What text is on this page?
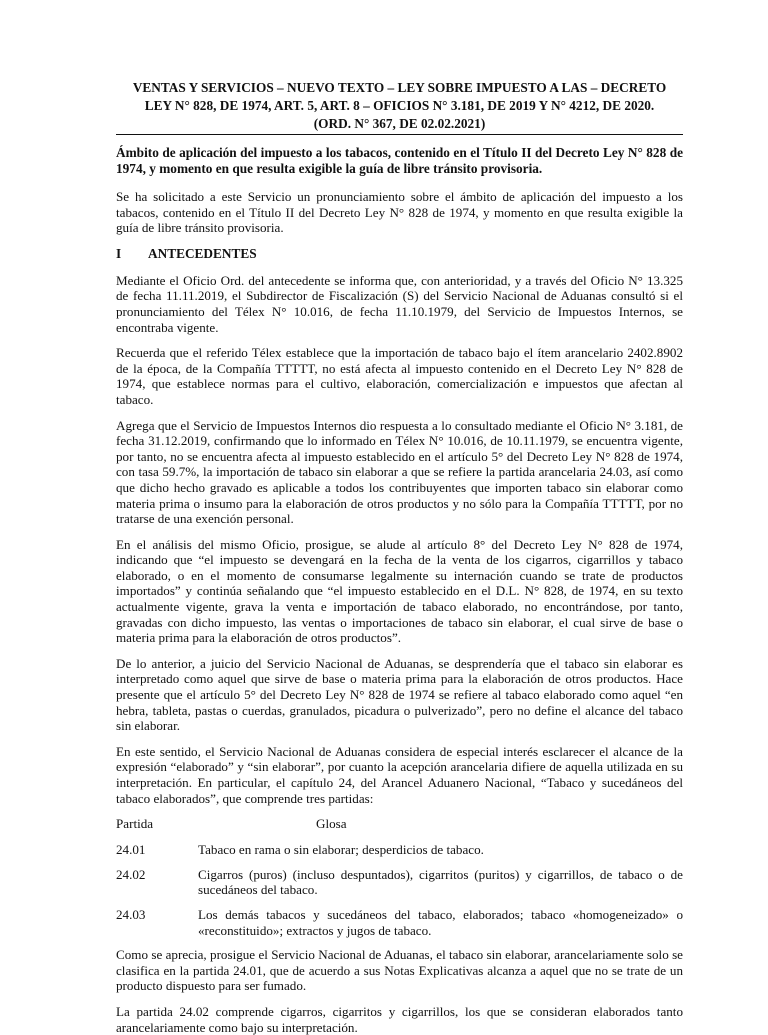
VENTAS Y SERVICIOS – NUEVO TEXTO – LEY SOBRE IMPUESTO A LAS – DECRETO
LEY N° 828, DE 1974, ART. 5, ART. 8 – OFICIOS N° 3.181, DE 2019 Y N° 4212, DE 2020.
(ORD. N° 367, DE 02.02.2021)

Ámbito de aplicación del impuesto a los tabacos, contenido en el Título II del Decreto Ley N° 828 de 1974, y momento en que resulta exigible la guía de libre tránsito provisoria.

Se ha solicitado a este Servicio un pronunciamiento sobre el ámbito de aplicación del impuesto a los tabacos, contenido en el Título II del Decreto Ley N° 828 de 1974, y momento en que resulta exigible la guía de libre tránsito provisoria.

I	ANTECEDENTES

Mediante el Oficio Ord. del antecedente se informa que, con anterioridad, y a través del Oficio N° 13.325 de fecha 11.11.2019, el Subdirector de Fiscalización (S) del Servicio Nacional de Aduanas consultó si el pronunciamiento del Télex N° 10.016, de fecha 11.10.1979, del Servicio de Impuestos Internos, se encontraba vigente.

Recuerda que el referido Télex establece que la importación de tabaco bajo el ítem arancelario 2402.8902 de la época, de la Compañía TTTTT, no está afecta al impuesto contenido en el Decreto Ley N° 828 de 1974, que establece normas para el cultivo, elaboración, comercialización e impuestos que afectan al tabaco.

Agrega que el Servicio de Impuestos Internos dio respuesta a lo consultado mediante el Oficio N° 3.181, de fecha 31.12.2019, confirmando que lo informado en Télex N° 10.016, de 10.11.1979, se encuentra vigente, por tanto, no se encuentra afecta al impuesto establecido en el artículo 5° del Decreto Ley N° 828 de 1974, con tasa 59.7%, la importación de tabaco sin elaborar a que se refiere la partida arancelaria 24.03, así como que dicho hecho gravado es aplicable a todos los contribuyentes que importen tabaco sin elaborar como materia prima o insumo para la elaboración de otros productos y no sólo para la Compañía TTTTT, por no tratarse de una exención personal.

En el análisis del mismo Oficio, prosigue, se alude al artículo 8° del Decreto Ley N° 828 de 1974, indicando que “el impuesto se devengará en la fecha de la venta de los cigarros, cigarrillos y tabaco elaborado, o en el momento de consumarse legalmente su internación cuando se trate de productos importados” y continúa señalando que “el impuesto establecido en el D.L. N° 828, de 1974, en su texto actualmente vigente, grava la venta e importación de tabaco elaborado, no encontrándose, por tanto, gravadas con dicho impuesto, las ventas o importaciones de tabaco sin elaborar, el cual sirve de base o materia prima para la elaboración de otros productos”.

De lo anterior, a juicio del Servicio Nacional de Aduanas, se desprendería que el tabaco sin elaborar es interpretado como aquel que sirve de base o materia prima para la elaboración de otros productos. Hace presente que el artículo 5° del Decreto Ley N° 828 de 1974 se refiere al tabaco elaborado como aquel “en hebra, tableta, pastas o cuerdas, granulados, picadura o pulverizado”, pero no define el alcance del tabaco sin elaborar.

En este sentido, el Servicio Nacional de Aduanas considera de especial interés esclarecer el alcance de la expresión “elaborado” y “sin elaborar”, por cuanto la acepción arancelaria difiere de aquella utilizada en su interpretación. En particular, el capítulo 24, del Arancel Aduanero Nacional, “Tabaco y sucedáneos del tabaco elaborados”, que comprende tres partidas:

Partida	Glosa
24.01	Tabaco en rama o sin elaborar; desperdicios de tabaco.
24.02	Cigarros (puros) (incluso despuntados), cigarritos (puritos) y cigarrillos, de tabaco o de sucedáneos del tabaco.
24.03	Los demás tabacos y sucedáneos del tabaco, elaborados; tabaco «homogeneizado» o «reconstituido»; extractos y jugos de tabaco.

Como se aprecia, prosigue el Servicio Nacional de Aduanas, el tabaco sin elaborar, arancelariamente solo se clasifica en la partida 24.01, que de acuerdo a sus Notas Explicativas alcanza a aquel que no se trate de un producto dispuesto para ser fumado.

La partida 24.02 comprende cigarros, cigarritos y cigarrillos, los que se consideran elaborados tanto arancelariamente como bajo su interpretación.
